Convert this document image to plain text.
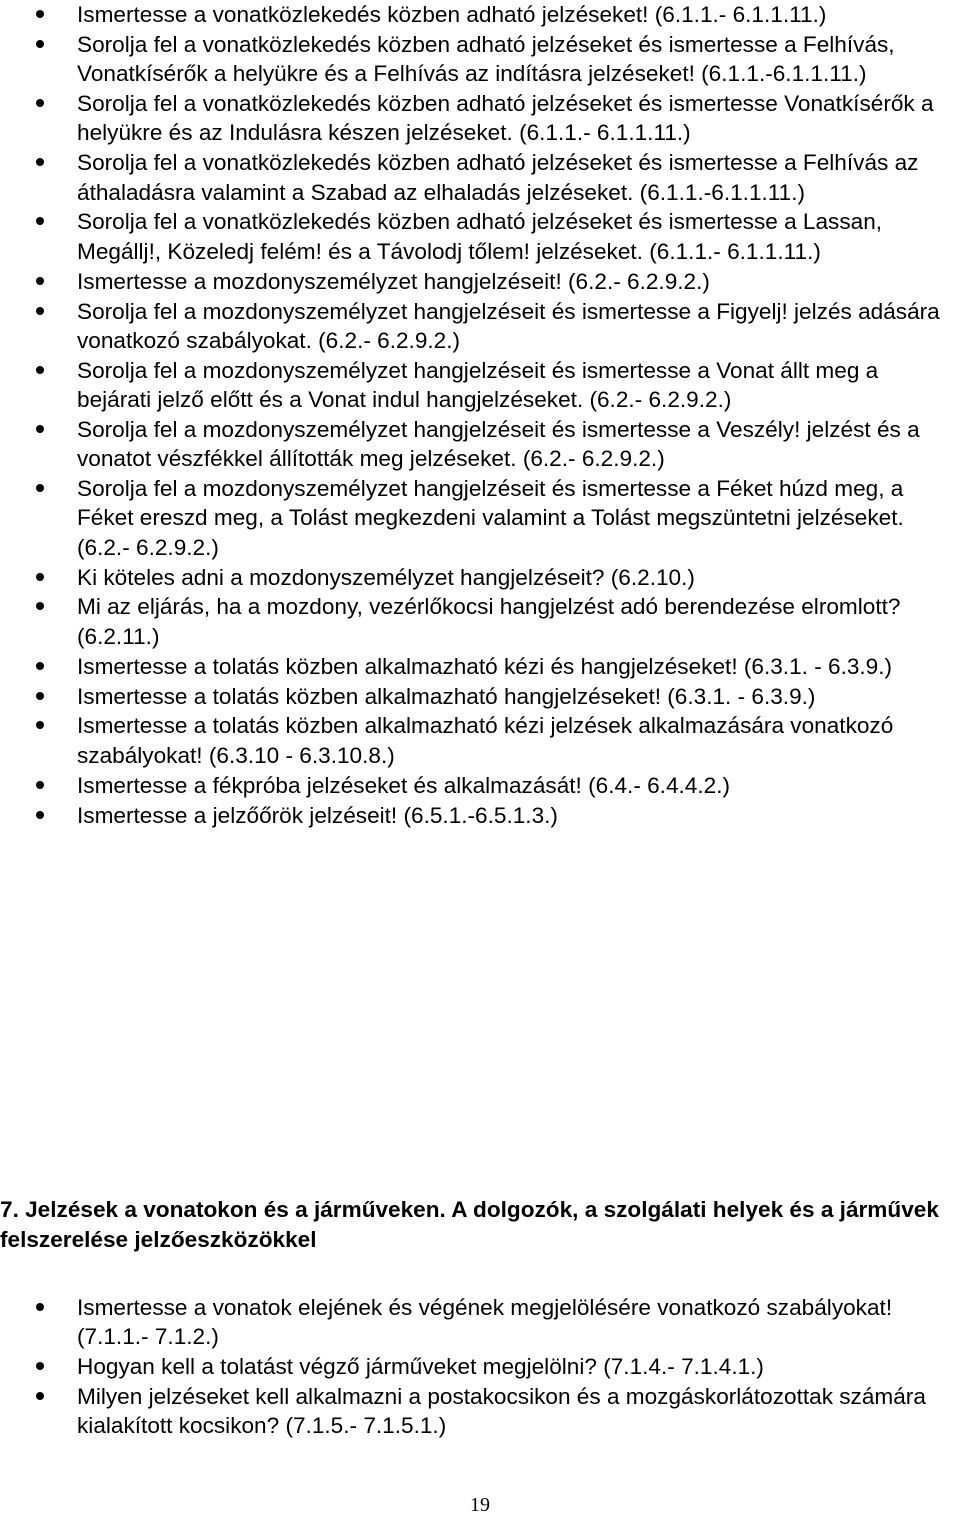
Ismertesse a vonatközlekedés közben adható jelzéseket! (6.1.1.- 6.1.1.11.)
Sorolja fel a vonatközlekedés közben adható jelzéseket és ismertesse a Felhívás, Vonatkísérők a helyükre és a Felhívás az indításra jelzéseket! (6.1.1.-6.1.1.11.)
Sorolja fel a vonatközlekedés közben adható jelzéseket és ismertesse Vonatkísérők a helyükre és az Indulásra készen jelzéseket. (6.1.1.- 6.1.1.11.)
Sorolja fel a vonatközlekedés közben adható jelzéseket és ismertesse a Felhívás az áthaladásra valamint a Szabad az elhaladás jelzéseket. (6.1.1.-6.1.1.11.)
Sorolja fel a vonatközlekedés közben adható jelzéseket és ismertesse a Lassan, Megállj!, Közeledj felém! és a Távolodj tőlem! jelzéseket. (6.1.1.- 6.1.1.11.)
Ismertesse a mozdonyszemélyzet hangjelzéseit! (6.2.- 6.2.9.2.)
Sorolja fel a mozdonyszemélyzet hangjelzéseit és ismertesse a Figyelj! jelzés adására vonatkozó szabályokat. (6.2.- 6.2.9.2.)
Sorolja fel a mozdonyszemélyzet hangjelzéseit és ismertesse a Vonat állt meg a bejárati jelző előtt és a Vonat indul hangjelzéseket. (6.2.- 6.2.9.2.)
Sorolja fel a mozdonyszemélyzet hangjelzéseit és ismertesse a Veszély! jelzést és a vonatot vészfékkel állították meg jelzéseket. (6.2.- 6.2.9.2.)
Sorolja fel a mozdonyszemélyzet hangjelzéseit és ismertesse a Féket húzd meg, a Féket ereszd meg, a Tolást megkezdeni valamint a Tolást megszüntetni jelzéseket. (6.2.- 6.2.9.2.)
Ki köteles adni a mozdonyszemélyzet hangjelzéseit? (6.2.10.)
Mi az eljárás, ha a mozdony, vezérlőkocsi hangjelzést adó berendezése elromlott? (6.2.11.)
Ismertesse a tolatás közben alkalmazható kézi és hangjelzéseket! (6.3.1. - 6.3.9.)
Ismertesse a tolatás közben alkalmazható hangjelzéseket! (6.3.1. - 6.3.9.)
Ismertesse a tolatás közben alkalmazható kézi jelzések alkalmazására vonatkozó szabályokat! (6.3.10 - 6.3.10.8.)
Ismertesse a fékpróba jelzéseket és alkalmazását! (6.4.- 6.4.4.2.)
Ismertesse a jelzőőrök jelzéseit! (6.5.1.-6.5.1.3.)
7. Jelzések a vonatokon és a járműveken. A dolgozók, a szolgálati helyek és a járművek felszerelése jelzőeszközökkel
Ismertesse a vonatok elejének és végének megjelölésére vonatkozó szabályokat! (7.1.1.- 7.1.2.)
Hogyan kell a tolatást végző járműveket megjelölni? (7.1.4.- 7.1.4.1.)
Milyen jelzéseket kell alkalmazni a postakocsikon és a mozgáskorlátozottak számára kialakított kocsikon? (7.1.5.- 7.1.5.1.)
19
